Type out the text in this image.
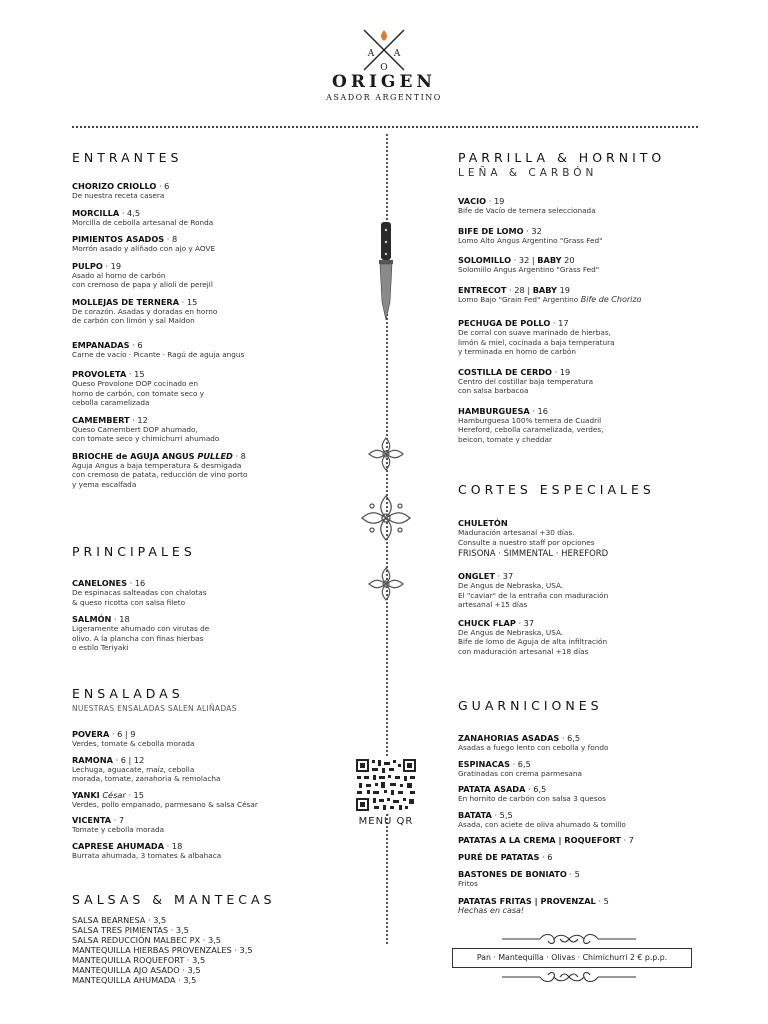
A A
O
ORIGEN
ASADOR ARGENTINO
MENÚ QR
ENTRANTES
CHORIZO CRIOLLO · 6
De nuestra receta casera
MORCILLA · 4,5
Morcilla de cebolla artesanal de Ronda
PIMIENTOS ASADOS · 8
Morrón asado y aliñado con ajo y AOVE
PULPO · 19
Asado al horno de carbón
con cremoso de papa y alioli de perejil
MOLLEJAS DE TERNERA · 15
De corazón. Asadas y doradas en horno
de carbón con limón y sal Maldon
EMPANADAS · 6
Carne de vacío · Picante · Ragú de aguja angus
PROVOLETA · 15
Queso Provolone DOP cocinado en
horno de carbón, con tomate seco y
cebolla caramelizada
CAMEMBERT · 12
Queso Camembert DOP ahumado,
con tomate seco y chimichurri ahumado
BRIOCHE de AGUJA ANGUS PULLED · 8
Aguja Angus a baja temperatura & desmigada
con cremoso de patata, reducción de vino porto
y yema escalfada
PRINCIPALES
CANELONES · 16
De espinacas salteadas con chalotas
& queso ricotta con salsa fileto
SALMÓN · 18
Ligeramente ahumado con virutas de
olivo. A la plancha con finas hierbas
o estilo Teriyaki
ENSALADAS
NUESTRAS ENSALADAS SALEN ALIÑADAS
POVERA · 6 | 9
Verdes, tomate & cebolla morada
RAMONA · 6 | 12
Lechuga, aguacate, maíz, cebolla
morada, tomate, zanahoria & remolacha
YANKI César · 15
Verdes, pollo empanado, parmesano & salsa César
VICENTA · 7
Tomate y cebolla morada
CAPRESE AHUMADA · 18
Burrata ahumada, 3 tomates & albahaca
SALSAS & MANTECAS
SALSA BEARNESA · 3,5
SALSA TRES PIMIENTAS · 3,5
SALSA REDUCCIÓN MALBEC PX · 3,5
MANTEQUILLA HIERBAS PROVENZALES · 3,5
MANTEQUILLA ROQUEFORT · 3,5
MANTEQUILLA AJO ASADO · 3,5
MANTEQUILLA AHUMADA · 3,5
PARRILLA & HORNITO
LEÑA & CARBÓN
VACIO · 19
Bife de Vacío de ternera seleccionada
BIFE DE LOMO · 32
Lomo Alto Angus Argentino "Grass Fed"
SOLOMILLO · 32 | BABY 20
Solomillo Angus Argentino "Grass Fed"
ENTRECOT · 28 | BABY 19
Lomo Bajo "Grain Fed" Argentino Bife de Chorizo
PECHUGA DE POLLO · 17
De corral con suave marinado de hierbas,
limón & miel, cocinada a baja temperatura
y terminada en horno de carbón
COSTILLA DE CERDO · 19
Centro del costillar baja temperatura
con salsa barbacoa
HAMBURGUESA · 16
Hamburguesa 100% ternera de Cuadril
Hereford, cebolla caramelizada, verdes,
beicon, tomate y cheddar
CORTES ESPECIALES
CHULETÓN
Maduración artesanal +30 días.
Consulte a nuestro staff por opciones
FRISONA · SIMMENTAL · HEREFORD
ONGLET · 37
De Angus de Nebraska, USA.
El "caviar" de la entraña con maduración
artesanal +15 días
CHUCK FLAP · 37
De Angus de Nebraska, USA.
Bife de lomo de Aguja de alta infiltración
con maduración artesanal +18 días
GUARNICIONES
ZANAHORIAS ASADAS · 6,5
Asadas a fuego lento con cebolla y fondo
ESPINACAS · 6,5
Gratinadas con crema parmesana
PATATA ASADA · 6,5
En hornito de carbón con salsa 3 quesos
BATATA · 5,5
Asada, con aciete de oliva ahumado & tomillo
PATATAS A LA CREMA | ROQUEFORT · 7
PURÉ DE PATATAS · 6
BASTONES DE BONIATO · 5
Fritos
PATATAS FRITAS | PROVENZAL · 5
Hechas en casa!
Pan · Mantequilla · Olivas · Chimichurri 2 € p.p.p.
